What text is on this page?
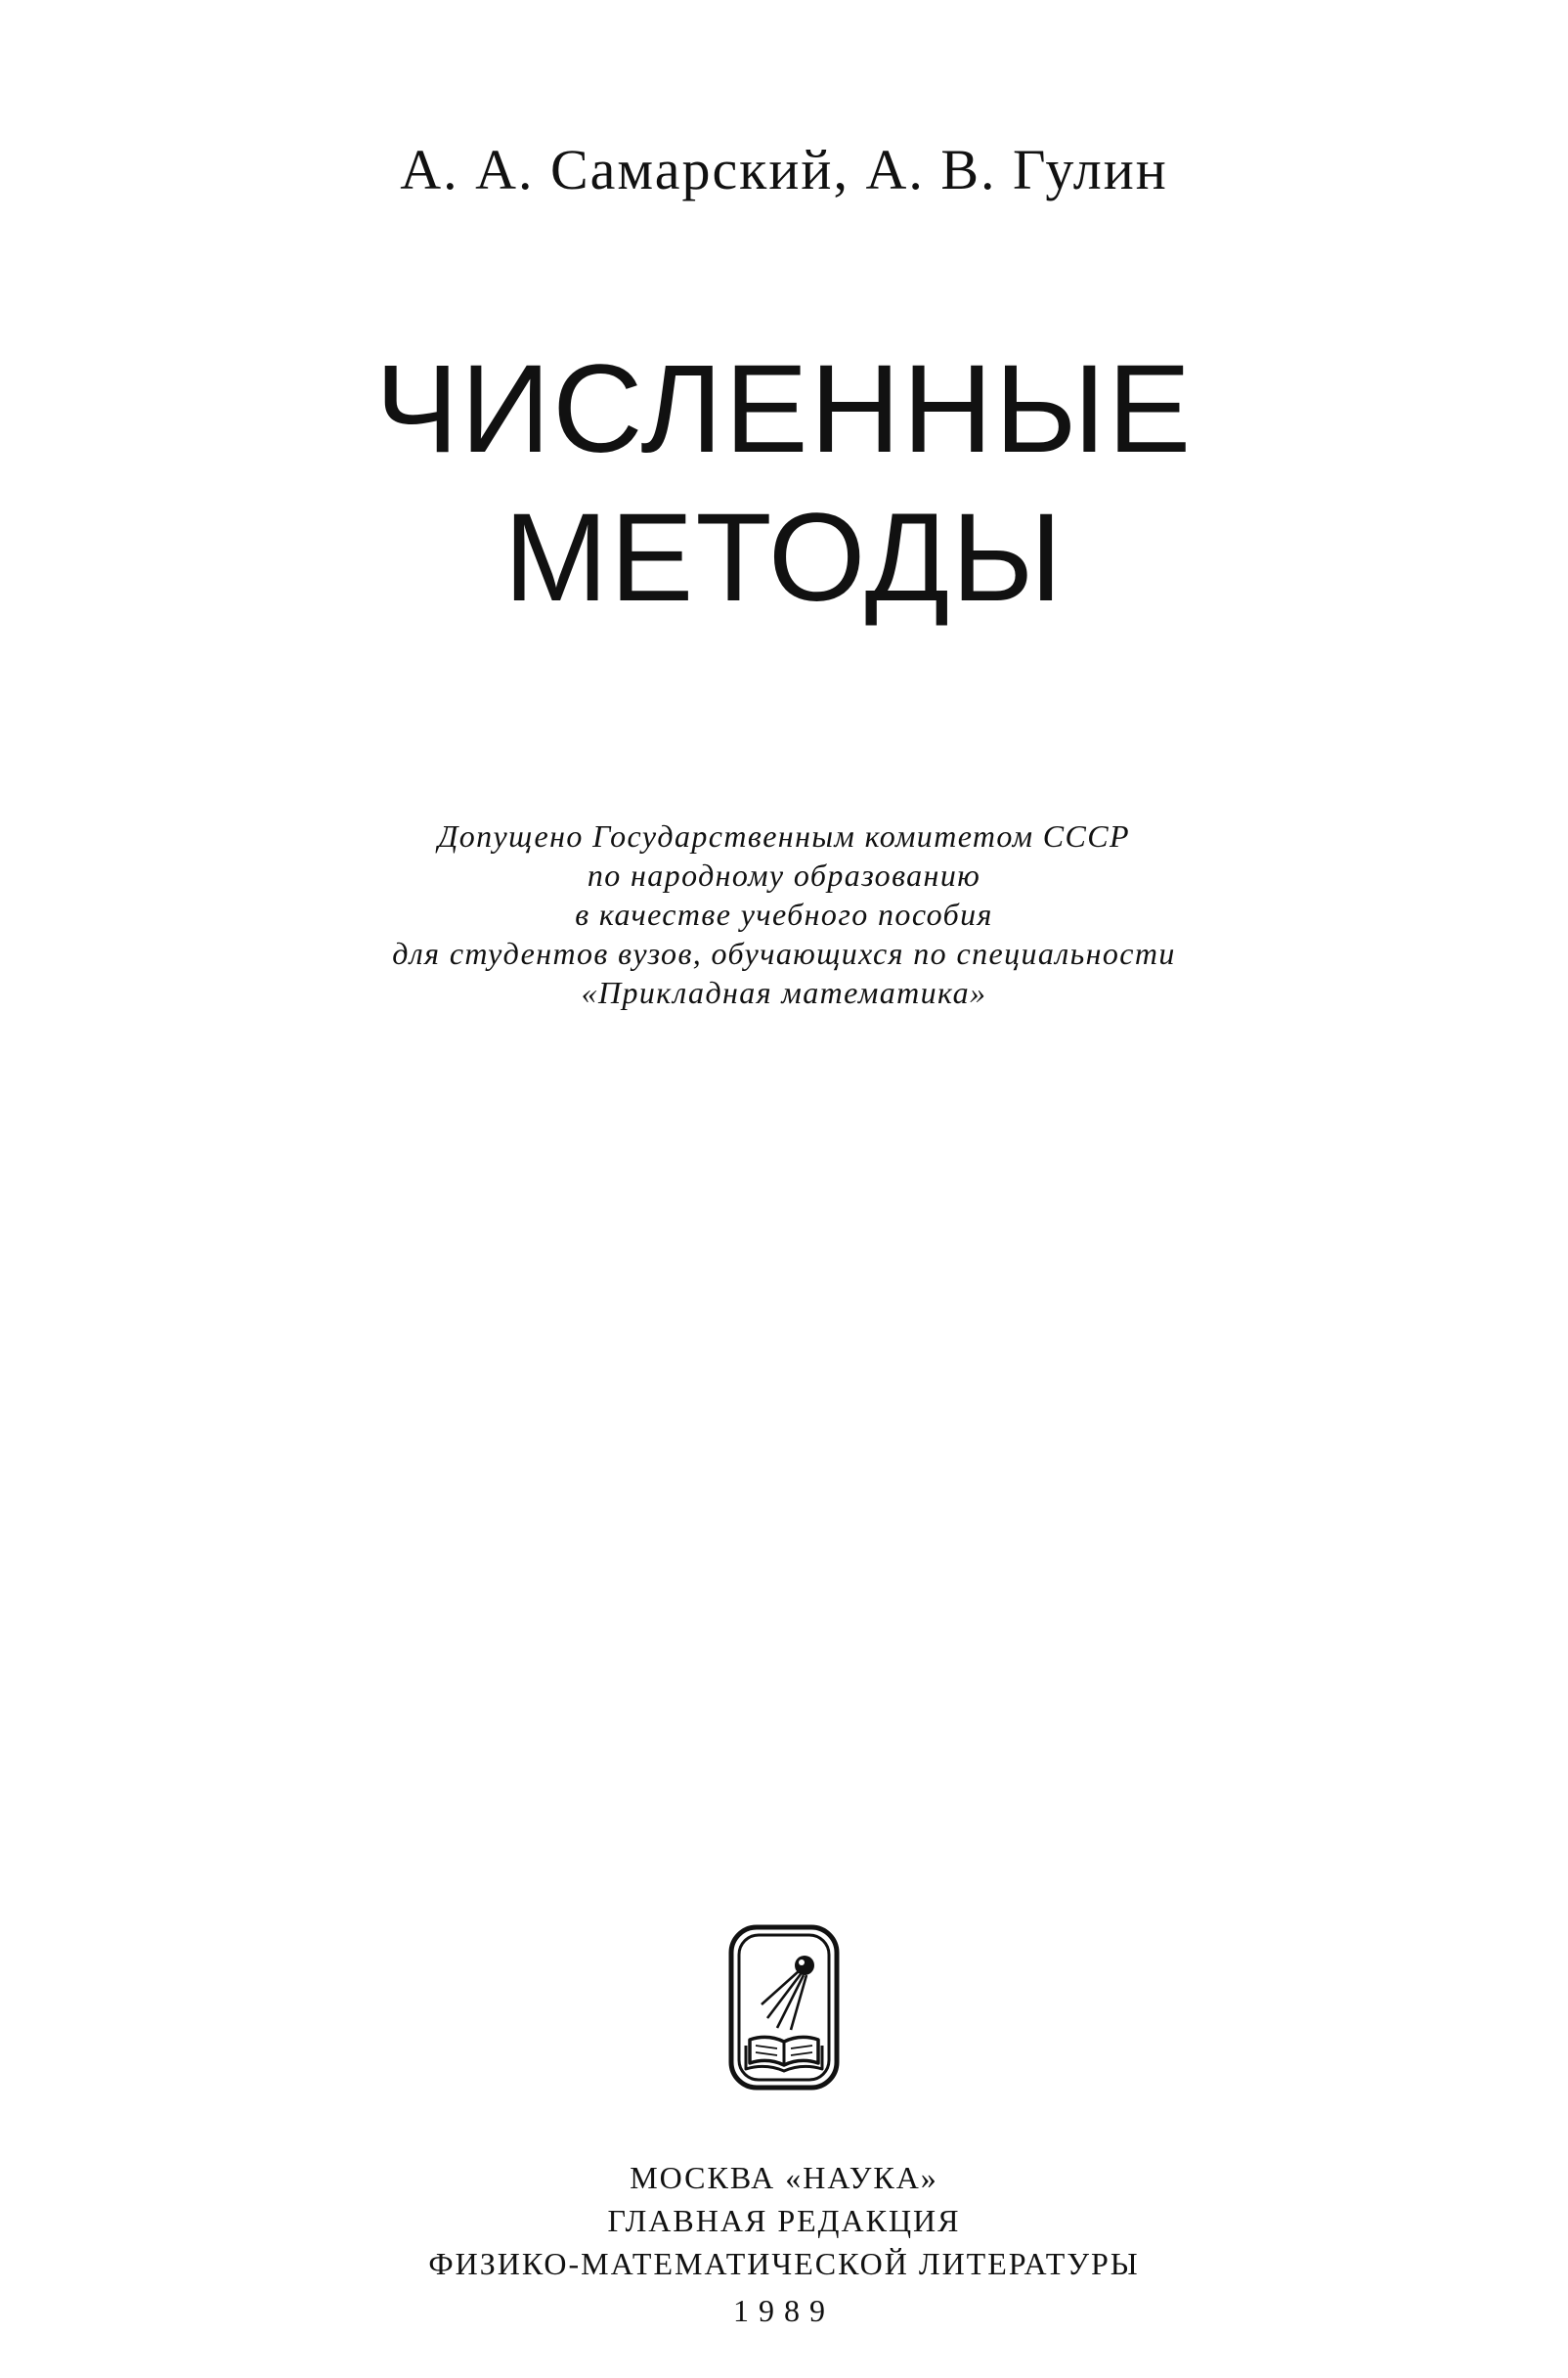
А. А. Самарский, А. В. Гулин
ЧИСЛЕННЫЕ
МЕТОДЫ
Допущено Государственным комитетом СССР
по народному образованию
в качестве учебного пособия
для студентов вузов, обучающихся по специальности
«Прикладная математика»
МОСКВА «НАУКА»
ГЛАВНАЯ РЕДАКЦИЯ
ФИЗИКО-МАТЕМАТИЧЕСКОЙ ЛИТЕРАТУРЫ
1989
